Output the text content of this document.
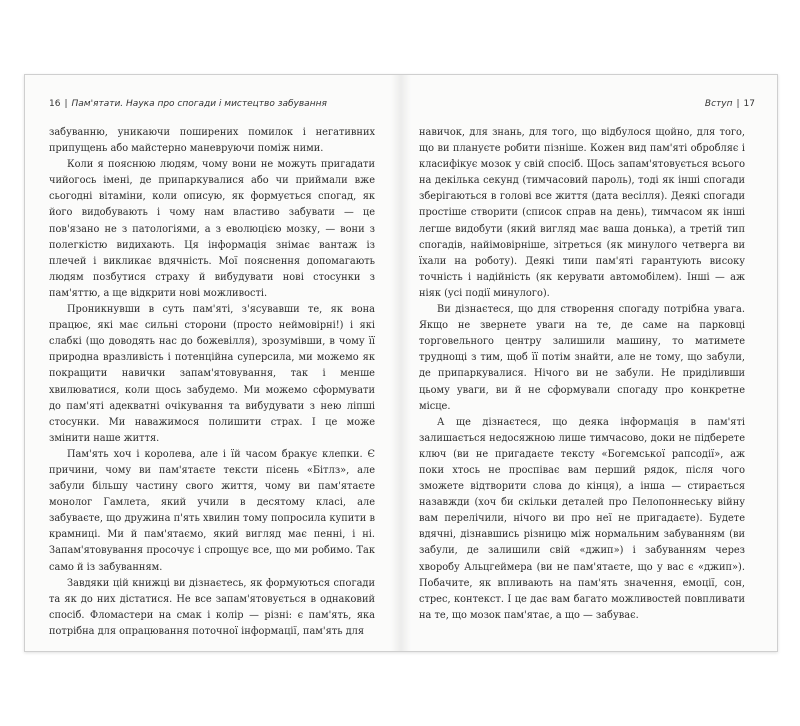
16 | Пам'ятати. Наука про спогади і мистецтво забування

забуванню, уникаючи поширених помилок і негативних припущень або майстерно маневруючи поміж ними.

Коли я пояснюю людям, чому вони не можуть пригадати чийогось імені, де припаркувалися або чи приймали вже сьогодні вітаміни, коли описую, як формується спогад, як його видобувають і чому нам властиво забувати — це пов'язано не з патологіями, а з еволюцією мозку, — вони з полегкістю видихають. Ця інформація знімає вантаж із плечей і викликає вдячність. Мої пояснення допомагають людям позбутися страху й вибудувати нові стосунки з пам'яттю, а ще відкрити нові можливості.

Проникнувши в суть пам'яті, з'ясувавши те, як вона працює, які має сильні сторони (просто неймовірні!) і які слабкі (що доводять нас до божевілля), зрозумівши, в чому її природна вразливість і потенційна суперсила, ми можемо як покращити навички запам'ятовування, так і менше хвилюватися, коли щось забудемо. Ми можемо сформувати до пам'яті адекватні очікування та вибудувати з нею ліпші стосунки. Ми наважимося полишити страх. І це може змінити наше життя.

Пам'ять хоч і королева, але і їй часом бракує клепки. Є причини, чому ви пам'ятаєте тексти пісень «Бітлз», але забули більшу частину свого життя, чому ви пам'ятаєте монолог Гамлета, який учили в десятому класі, але забуваєте, що дружина п'ять хвилин тому попросила купити в крамниці. Ми й пам'ятаємо, який вигляд має пенні, і ні. Запам'ятовування просочує і спрощує все, що ми робимо. Так само й із забуванням.

Завдяки цій книжці ви дізнаєтесь, як формуються спогади та як до них дістатися. Не все запам'ятовується в однаковий спосіб. Фломастери на смак і колір — різні: є пам'ять, яка потрібна для опрацювання поточної інформації, пам'ять для

Вступ | 17

навичок, для знань, для того, що відбулося щойно, для того, що ви плануєте робити пізніше. Кожен вид пам'яті обробляє і класифікує мозок у свій спосіб. Щось запам'ятовується всього на декілька секунд (тимчасовий пароль), тоді як інші спогади зберігаються в голові все життя (дата весілля). Деякі спогади простіше створити (список справ на день), тимчасом як інші легше видобути (який вигляд має ваша донька), а третій тип спогадів, найімовірніше, зітреться (як минулого четверга ви їхали на роботу). Деякі типи пам'яті гарантують високу точність і надійність (як керувати автомобілем). Інші — аж ніяк (усі події минулого).

Ви дізнаєтеся, що для створення спогаду потрібна увага. Якщо не звернете уваги на те, де саме на парковці торговельного центру залишили машину, то матимете труднощі з тим, щоб її потім знайти, але не тому, що забули, де припаркувалися. Нічого ви не забули. Не приділивши цьому уваги, ви й не сформували спогаду про конкретне місце.

А ще дізнаєтеся, що деяка інформація в пам'яті залишається недосяжною лише тимчасово, доки не підберете ключ (ви не пригадаєте тексту «Богемської рапсодії», аж поки хтось не проспіває вам перший рядок, після чого зможете відтворити слова до кінця), а інша — стирається назавжди (хоч би скільки деталей про Пелопоннеську війну вам перелічили, нічого ви про неї не пригадаєте). Будете вдячні, дізнавшись різницю між нормальним забуванням (ви забули, де залишили свій «джип») і забуванням через хворобу Альцгеймера (ви не пам'ятаєте, що у вас є «джип»). Побачите, як впливають на пам'ять значення, емоції, сон, стрес, контекст. І це дає вам багато можливостей повпливати на те, що мозок пам'ятає, а що — забуває.
